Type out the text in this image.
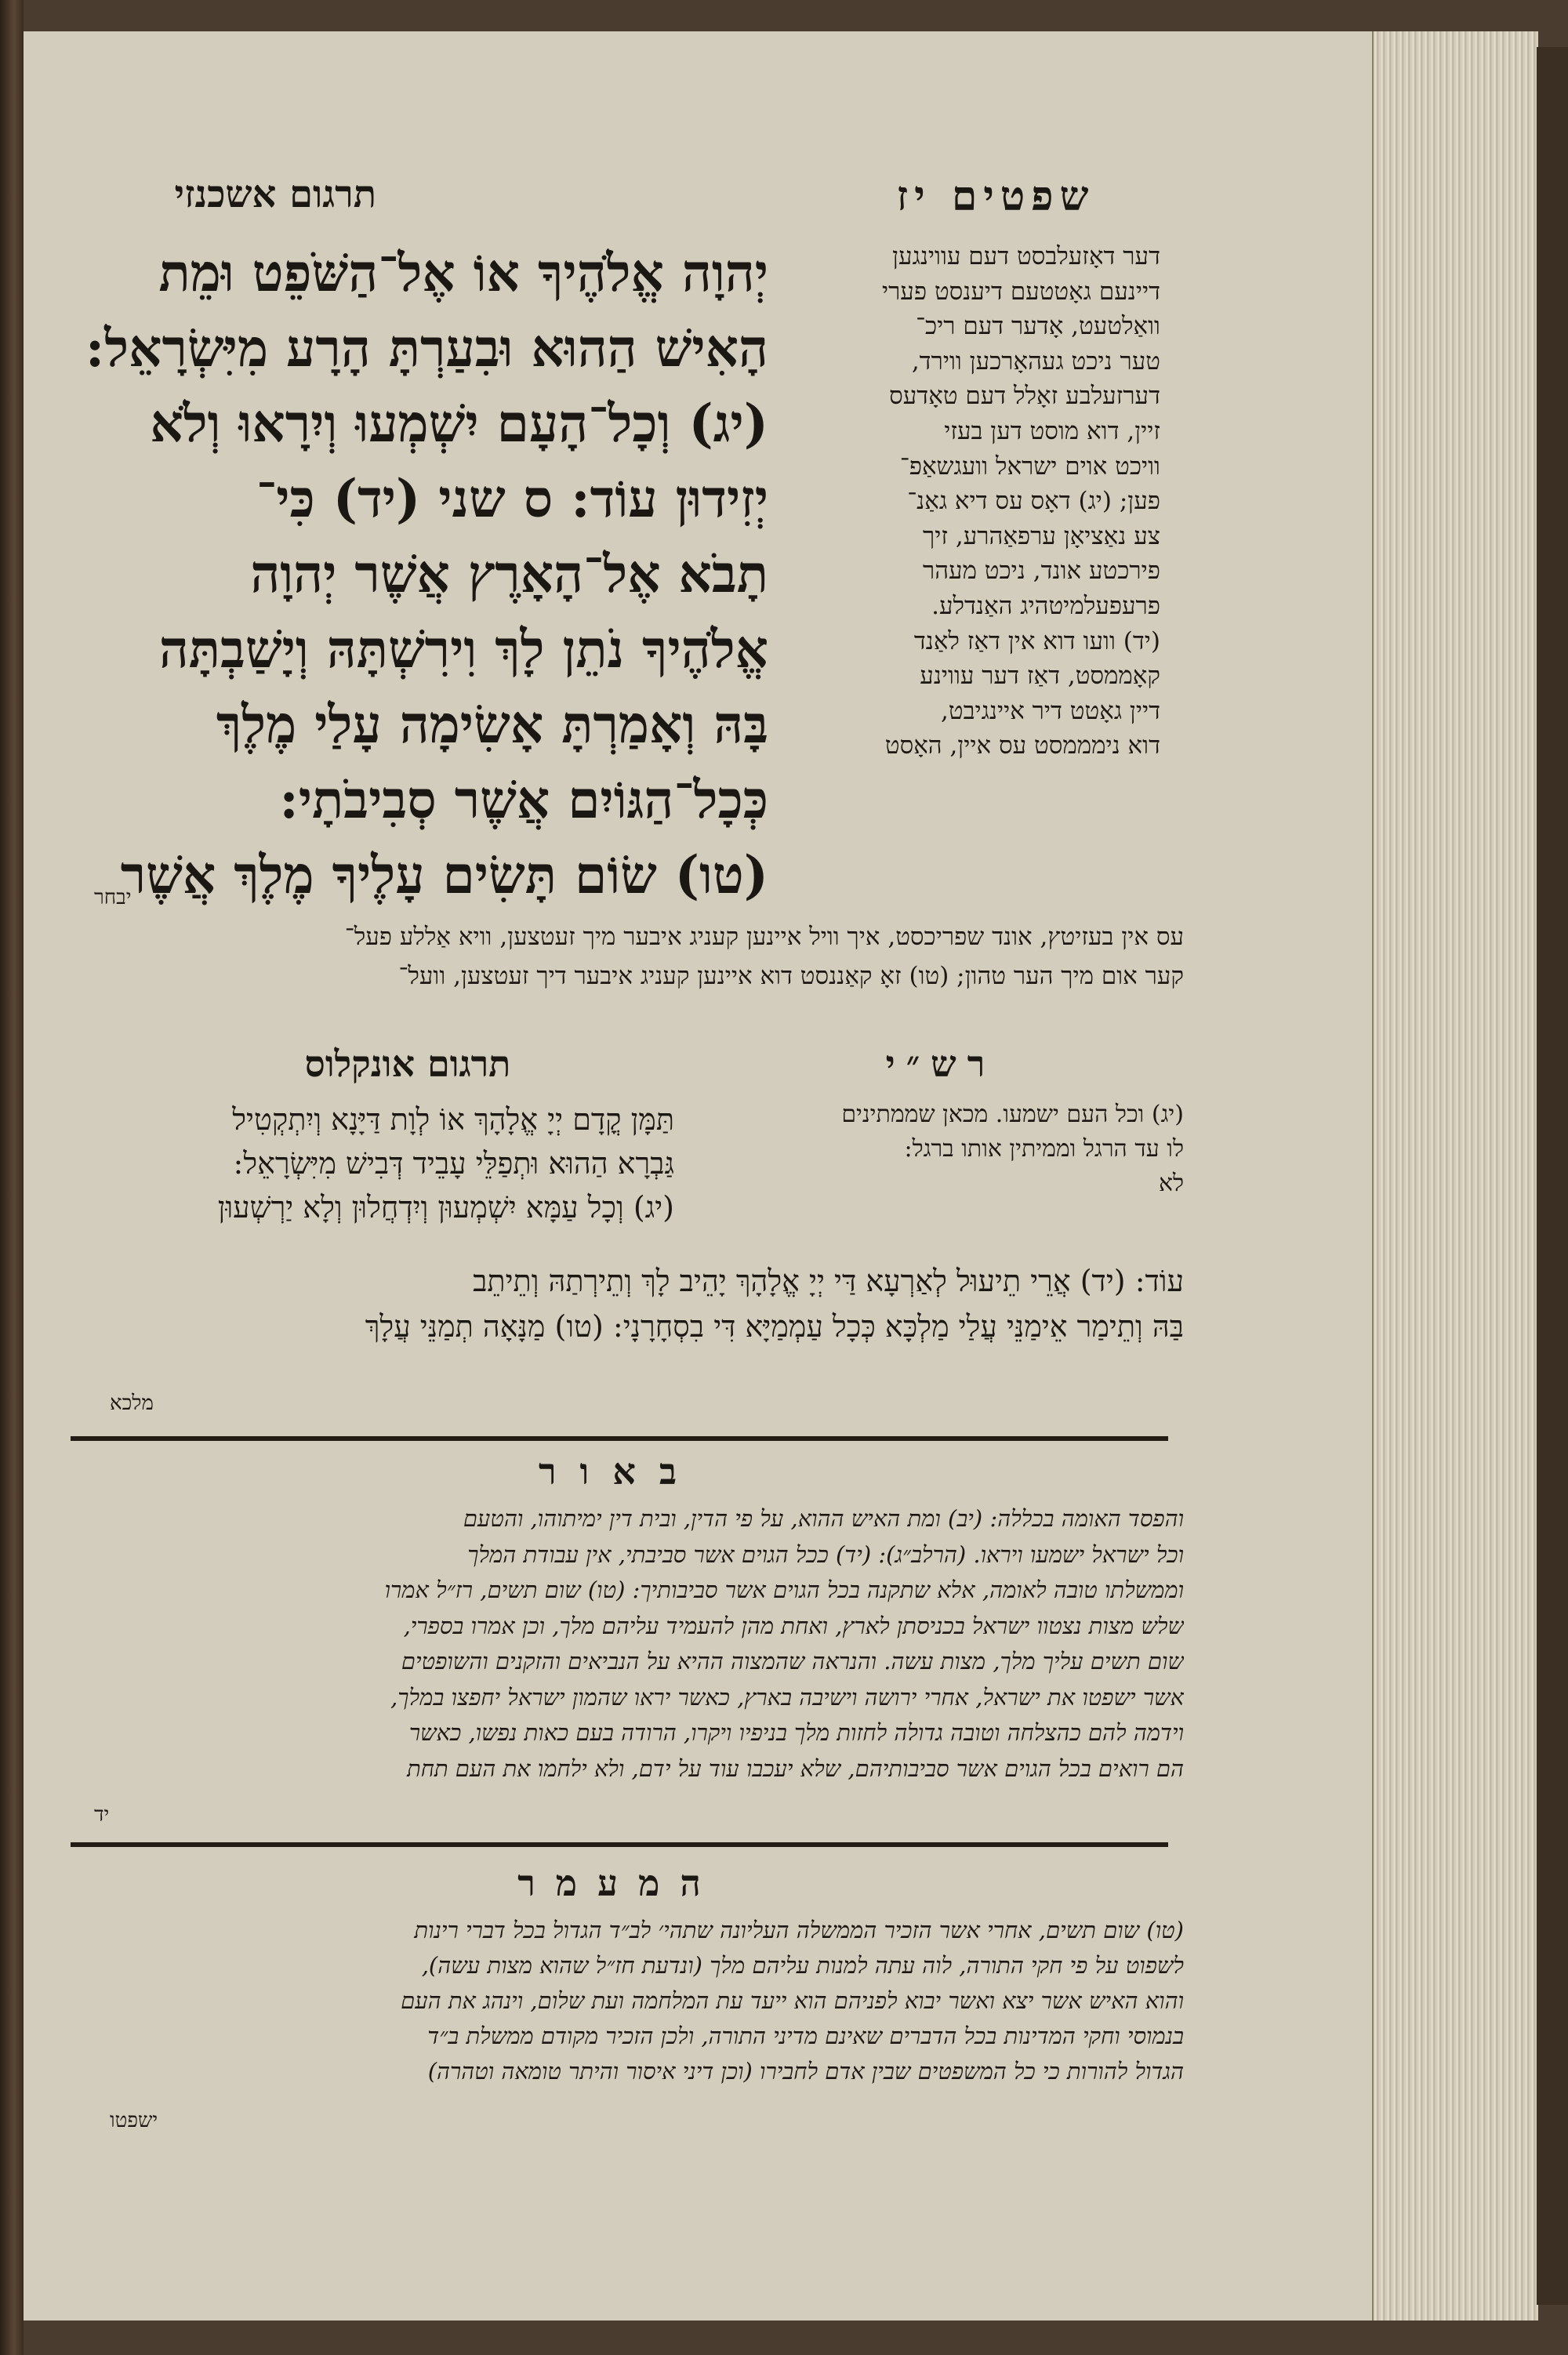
שפטים יז
תרגום אשכנזי
יְהוָה אֱלֹהֶיךָ אוֹ אֶל־הַשֹּׁפֵט וּמֵת
הָאִישׁ הַהוּא וּבִעַרְתָּ הָרָע מִיִּשְׂרָאֵל:
(יג) וְכָל־הָעָם יִשְׁמְעוּ וְיִרָאוּ וְלֹא
יְזִידוּן עוֹד: ס שני (יד) כִּי־
תָבֹא אֶל־הָאָרֶץ אֲשֶׁר יְהוָה
אֱלֹהֶיךָ נֹתֵן לָךְ וִירִשְׁתָּהּ וְיָשַׁבְתָּה
בָּהּ וְאָמַרְתָּ אָשִׂימָה עָלַי מֶלֶךְ
כְּכָל־הַגּוֹיִם אֲשֶׁר סְבִיבֹתָי:
(טו) שׂוֹם תָּשִׂים עָלֶיךָ מֶלֶךְ אֲשֶׁר
יבחר
דער דאָזעלבסט דעם עווינגען
דיינעם גאָטטעם דיענסט פערי
וואַלטעט, אָדער דעם ריכ־
טער ניכט געהאָרכען ווירד,
דערזעלבע זאָלל דעם טאָדעס
זיין, דוא מוסט דען בעזי
וויכט אוים ישראל וועגשאַפ־
פען; (יג) דאָס עס דיא גאַנ־
צע נאַציאָן ערפאַהרע, זיך
פירכטע אונד, ניכט מעהר
פרעפעלמיטהיג האַנדלע.
(יד) וועו דוא אין דאַז לאַנד
קאָממסט, דאַז דער עווינע
דיין גאָטט דיר איינגיבט,
דוא נימממסט עס איין, האָסט
עס אין בעזיטץ, אונד שפריכסט, איך וויל איינען קעניג איבער מיך זעטצען, וויא אַללע פעל־
קער אום מיך הער טהון; (טו) זאָ קאַננסט דוא איינען קעניג איבער דיך זעטצען, וועל־
תרגום אונקלוס	רש״י
תַּמָּן קֳדָם יְיָ אֱלָהָךְ אוֹ לְוָת דַּיָּנָא וְיִתְקְטִיל
גַּבְרָא הַהוּא וּתְפַלֵּי עָבֵיד דְּבִישׁ מִיִּשְׂרָאֵל:
(יג) וְכָל עַמָּא יִשְׁמְעוּן וְיִדְחֲלוּן וְלָא יַרְשְׁעוּן
(יג) וכל העם ישמעו. מכאן שממתינים
לו עד הרגל וממיתין אותו ברגל:
לא
עוֹד: (יד) אֲרֵי תֵיעוּל לְאַרְעָא דַּי יְיָ אֱלָהָךְ יָהֵיב לָךְ וְתֵירְתַהּ וְתֵיתֵב
בַּהּ וְתֵימַר אֵימַנֵּי עֲלַי מַלְכָּא כְּכָל עַמְמַיָּא דִּי בִסְחָרָנָי: (טו) מַנָּאָה תְמַנֵּי עֲלָךְ
מלכא
באור
והפסד האומה בכללה: (יב) ומת האיש ההוא, על פי הדין, ובית דין ימיתוהו, והטעם
וכל ישראל ישמעו ויראו. (הרלב״ג): (יד) ככל הגוים אשר סביבתי, אין עבודת המלך
וממשלתו טובה לאומה, אלא שתקנה בכל הגוים אשר סביבותיך: (טו) שום תשים, רז״ל אמרו
שלש מצות נצטוו ישראל בכניסתן לארץ, ואחת מהן להעמיד עליהם מלך, וכן אמרו בספרי,
שום תשים עליך מלך, מצות עשה. והנראה שהמצוה ההיא על הנביאים והזקנים והשופטים
אשר ישפטו את ישראל, אחרי ירושה וישיבה בארץ, כאשר יראו שהמון ישראל יחפצו במלך,
וידמה להם כהצלחה וטובה גדולה לחזות מלך בניפיו ויקרו, הרודה בעם כאות נפשו, כאשר
הם רואים בכל הגוים אשר סביבותיהם, שלא יעכבו עוד על ידם, ולא ילחמו את העם תחת
יד
המעמר
(טו) שום תשים, אחרי אשר הזכיר הממשלה העליונה שתהי׳ לב״ד הגדול בכל דברי רינות
לשפוט על פי חקי התורה, לוה עתה למנות עליהם מלך (ונדעת חז״ל שהוא מצות עשה),
והוא האיש אשר יצא ואשר יבוא לפניהם הוא ייעד עת המלחמה ועת שלום, וינהג את העם
בנמוסי וחקי המדינות בכל הדברים שאינם מדיני התורה, ולכן הזכיר מקודם ממשלת ב״ד
הגדול להורות כי כל המשפטים שבין אדם לחבירו (וכן דיני איסור והיתר טומאה וטהרה)
ישפטו
